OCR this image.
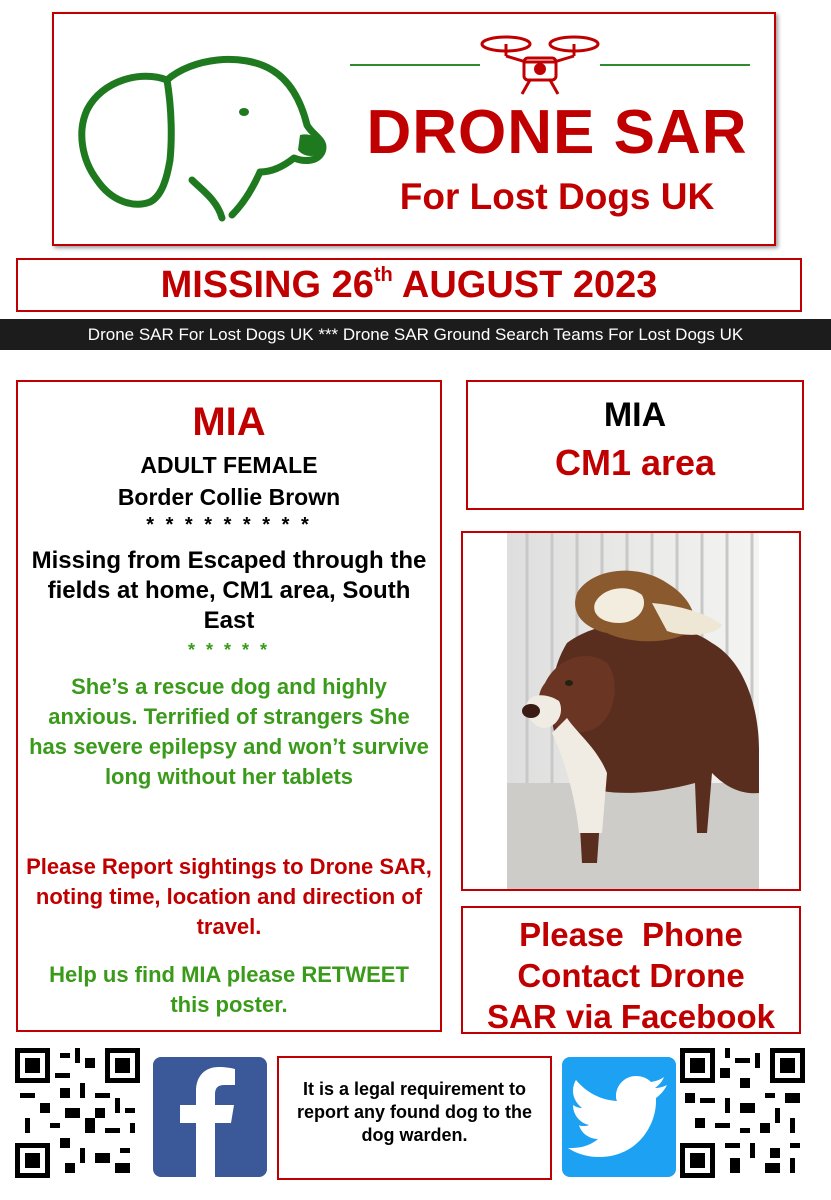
DRONE SAR
For Lost Dogs UK
MISSING 26th AUGUST 2023
Drone SAR For Lost Dogs UK *** Drone SAR Ground Search Teams For Lost Dogs UK
MIA
ADULT FEMALE
Border Collie Brown
* * * * * * * * *
Missing from Escaped through the fields at home, CM1 area, South East
* * * * *
She’s a rescue dog and highly anxious. Terrified of strangers She has severe epilepsy and won’t survive long without her tablets
Please Report sightings to Drone SAR, noting time, location and direction of travel.
Help us find MIA please RETWEET this poster.
MIA
CM1 area
Please  Phone
Contact Drone
SAR via Facebook
It is a legal requirement to report any found dog to the dog warden.
